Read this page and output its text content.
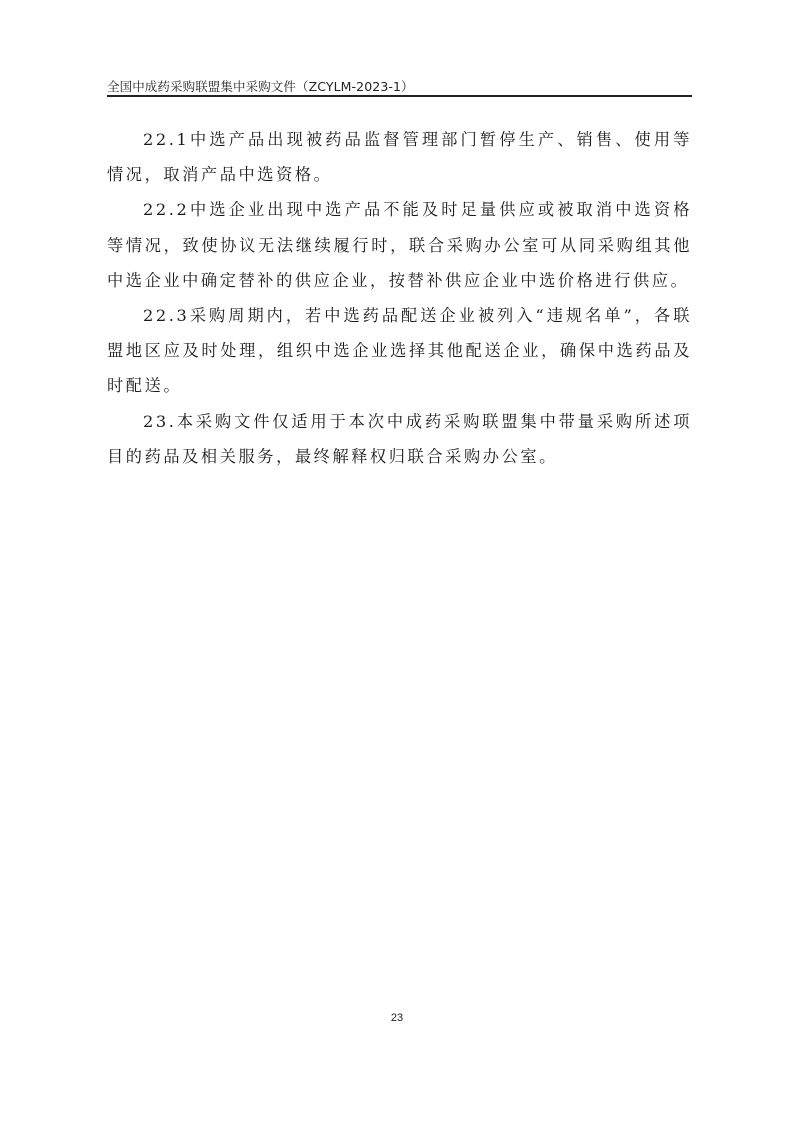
全国中成药采购联盟集中采购文件（ZCYLM-2023-1）

22.1中选产品出现被药品监督管理部门暂停生产、销售、使用等情况，取消产品中选资格。

22.2中选企业出现中选产品不能及时足量供应或被取消中选资格等情况，致使协议无法继续履行时，联合采购办公室可从同采购组其他中选企业中确定替补的供应企业，按替补供应企业中选价格进行供应。

22.3采购周期内，若中选药品配送企业被列入“违规名单”，各联盟地区应及时处理，组织中选企业选择其他配送企业，确保中选药品及时配送。

23.本采购文件仅适用于本次中成药采购联盟集中带量采购所述项目的药品及相关服务，最终解释权归联合采购办公室。

23
